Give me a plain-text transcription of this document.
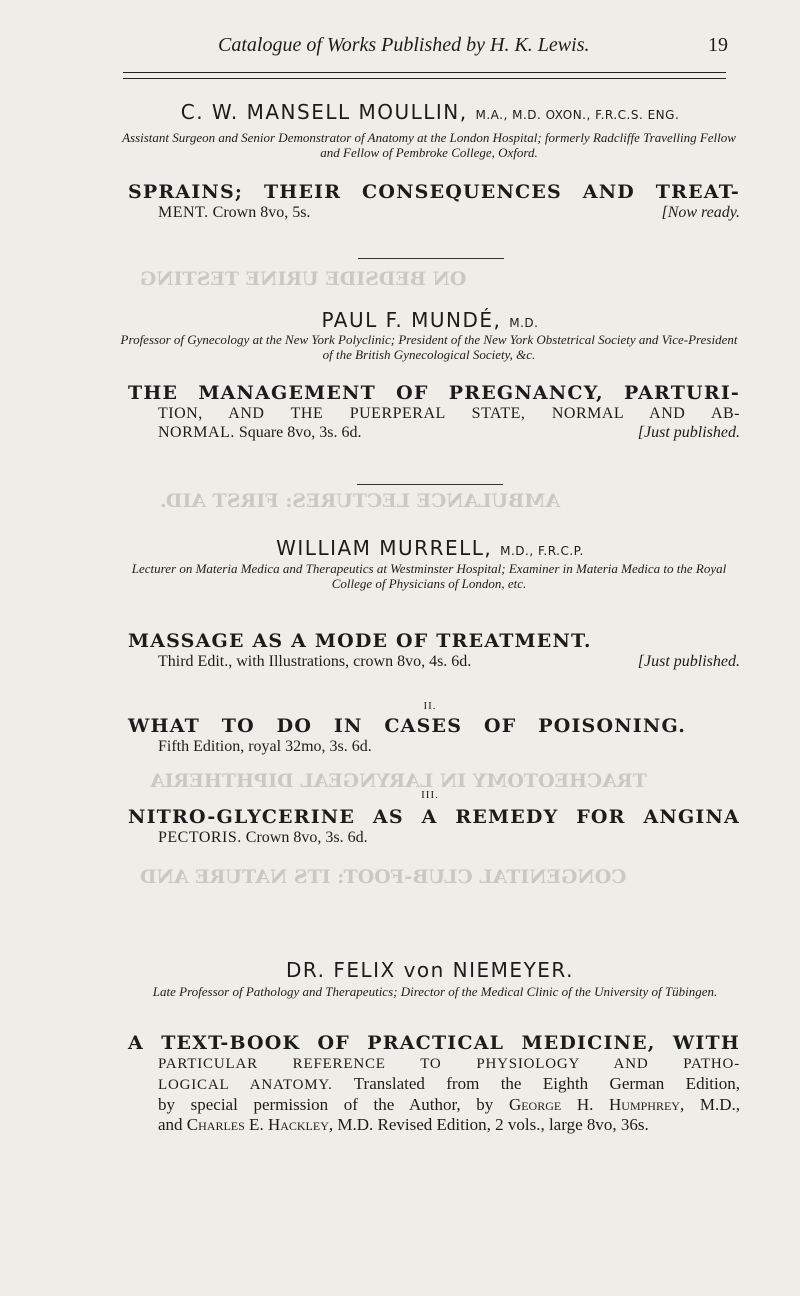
ON BEDSIDE URINE TESTING
AMBULANCE LECTURES: FIRST AID.
TRACHEOTOMY IN LARYNGEAL DIPHTHERIA
CONGENITAL CLUB-FOOT: ITS NATURE AND
Catalogue of Works Published by H. K. Lewis.	19
C. W. MANSELL MOULLIN, M.A., M.D. OXON., F.R.C.S. ENG.
Assistant Surgeon and Senior Demonstrator of Anatomy at the London Hospital; formerly Radcliffe Travelling Fellow and Fellow of Pembroke College, Oxford.
SPRAINS; THEIR CONSEQUENCES AND TREAT-
MENT. Crown 8vo, 5s.	[Now ready.
PAUL F. MUNDÉ, M.D.
Professor of Gynecology at the New York Polyclinic; President of the New York Obstetrical Society and Vice-President of the British Gynecological Society, &c.
THE MANAGEMENT OF PREGNANCY, PARTURI-
TION, AND THE PUERPERAL STATE, NORMAL AND AB-
NORMAL. Square 8vo, 3s. 6d.	[Just published.
WILLIAM MURRELL, M.D., F.R.C.P.
Lecturer on Materia Medica and Therapeutics at Westminster Hospital; Examiner in Materia Medica to the Royal College of Physicians of London, etc.
MASSAGE AS A MODE OF TREATMENT.
Third Edit., with Illustrations, crown 8vo, 4s. 6d.	[Just published.
II.
WHAT TO DO IN CASES OF POISONING.
Fifth Edition, royal 32mo, 3s. 6d.
III.
NITRO-GLYCERINE AS A REMEDY FOR ANGINA
PECTORIS. Crown 8vo, 3s. 6d.
DR. FELIX von NIEMEYER.
Late Professor of Pathology and Therapeutics; Director of the Medical Clinic of the University of Tübingen.
A TEXT-BOOK OF PRACTICAL MEDICINE, WITH
PARTICULAR REFERENCE TO PHYSIOLOGY AND PATHO-
LOGICAL ANATOMY. Translated from the Eighth German Edition,
by special permission of the Author, by George H. Humphrey, M.D.,
and Charles E. Hackley, M.D. Revised Edition, 2 vols., large 8vo, 36s.
